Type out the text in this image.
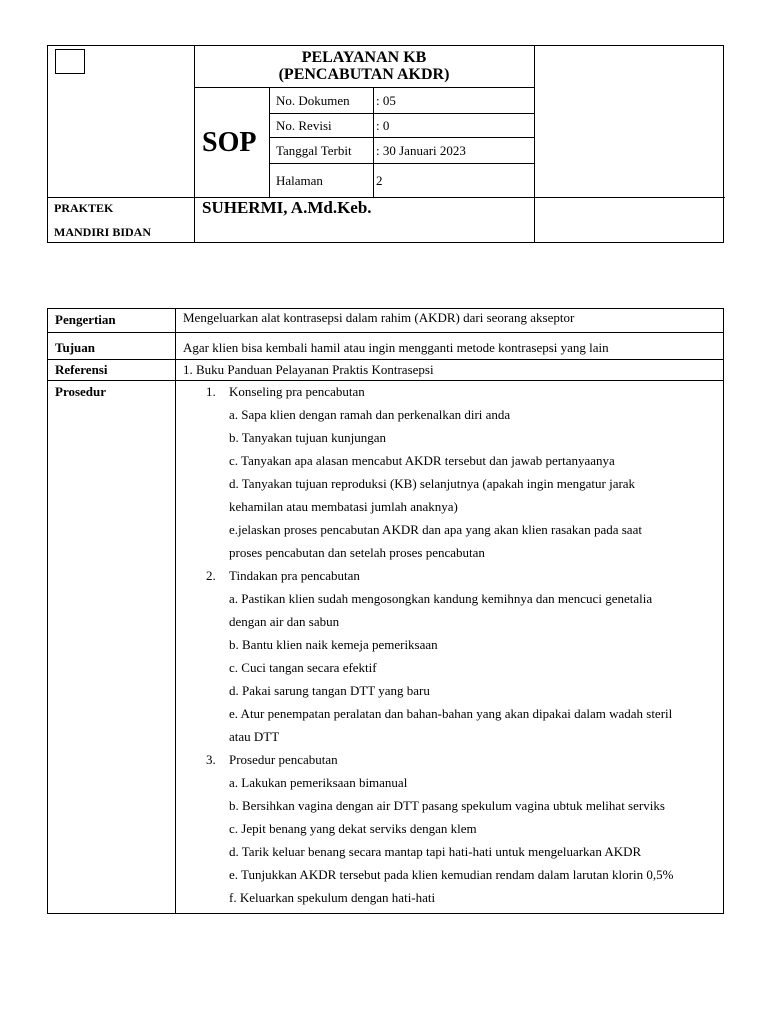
PELAYANAN KB
(PENCABUTAN AKDR)
SOP
No. Dokumen : 05
No. Revisi	: 0
Tanggal Terbit : 30 Januari 2023
Halaman	2
PRAKTEK
MANDIRI BIDAN
SUHERMI, A.Md.Keb.
Pengertian	Mengeluarkan alat kontrasepsi dalam rahim (AKDR) dari seorang akseptor
Tujuan	Agar klien bisa kembali hamil atau ingin mengganti metode kontrasepsi yang lain
Referensi	1. Buku Panduan Pelayanan Praktis Kontrasepsi
Prosedur	1. Konseling pra pencabutan
a. Sapa klien dengan ramah dan perkenalkan diri anda
b. Tanyakan tujuan kunjungan
c. Tanyakan apa alasan mencabut AKDR tersebut dan jawab pertanyaanya
d. Tanyakan tujuan reproduksi (KB) selanjutnya (apakah ingin mengatur jarak
kehamilan atau membatasi jumlah anaknya)
e.jelaskan proses pencabutan AKDR dan apa yang akan klien rasakan pada saat
proses pencabutan dan setelah proses pencabutan
2. Tindakan pra pencabutan
a. Pastikan klien sudah mengosongkan kandung kemihnya dan mencuci genetalia
dengan air dan sabun
b. Bantu klien naik kemeja pemeriksaan
c. Cuci tangan secara efektif
d. Pakai sarung tangan DTT yang baru
e. Atur penempatan peralatan dan bahan-bahan yang akan dipakai dalam wadah steril
atau DTT
3. Prosedur pencabutan
a. Lakukan pemeriksaan bimanual
b. Bersihkan vagina dengan air DTT pasang spekulum vagina ubtuk melihat serviks
c. Jepit benang yang dekat serviks dengan klem
d. Tarik keluar benang secara mantap tapi hati-hati untuk mengeluarkan AKDR
e. Tunjukkan AKDR tersebut pada klien kemudian rendam dalam larutan klorin 0,5%
f. Keluarkan spekulum dengan hati-hati
